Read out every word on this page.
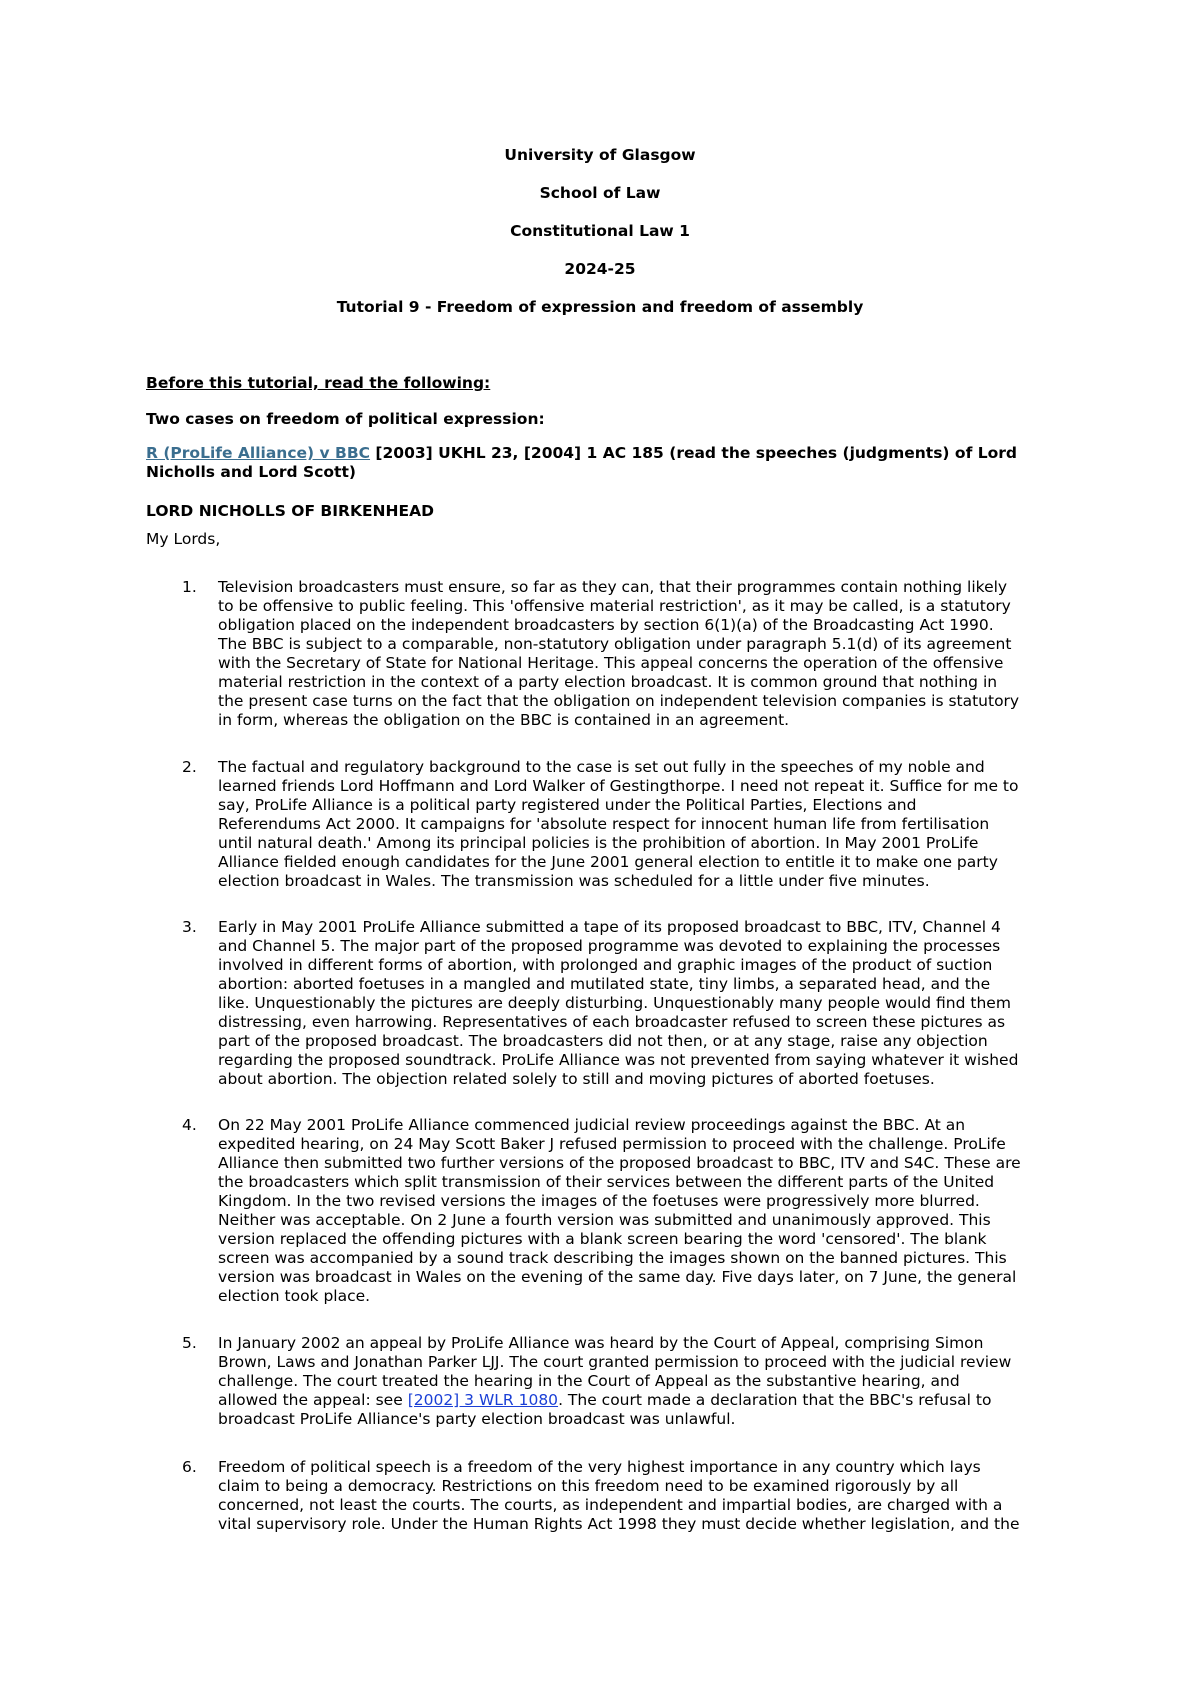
University of Glasgow
School of Law
Constitutional Law 1
2024-25
Tutorial 9 - Freedom of expression and freedom of assembly
Before this tutorial, read the following:
Two cases on freedom of political expression:
R (ProLife Alliance) v BBC [2003] UKHL 23, [2004] 1 AC 185 (read the speeches (judgments) of Lord
Nicholls and Lord Scott)
LORD NICHOLLS OF BIRKENHEAD
My Lords,
1.	Television broadcasters must ensure, so far as they can, that their programmes contain nothing likely
to be offensive to public feeling. This 'offensive material restriction', as it may be called, is a statutory
obligation placed on the independent broadcasters by section 6(1)(a) of the Broadcasting Act 1990.
The BBC is subject to a comparable, non-statutory obligation under paragraph 5.1(d) of its agreement
with the Secretary of State for National Heritage. This appeal concerns the operation of the offensive
material restriction in the context of a party election broadcast. It is common ground that nothing in
the present case turns on the fact that the obligation on independent television companies is statutory
in form, whereas the obligation on the BBC is contained in an agreement.
2.	The factual and regulatory background to the case is set out fully in the speeches of my noble and
learned friends Lord Hoffmann and Lord Walker of Gestingthorpe. I need not repeat it. Suffice for me to
say, ProLife Alliance is a political party registered under the Political Parties, Elections and
Referendums Act 2000. It campaigns for 'absolute respect for innocent human life from fertilisation
until natural death.' Among its principal policies is the prohibition of abortion. In May 2001 ProLife
Alliance fielded enough candidates for the June 2001 general election to entitle it to make one party
election broadcast in Wales. The transmission was scheduled for a little under five minutes.
3.	Early in May 2001 ProLife Alliance submitted a tape of its proposed broadcast to BBC, ITV, Channel 4
and Channel 5. The major part of the proposed programme was devoted to explaining the processes
involved in different forms of abortion, with prolonged and graphic images of the product of suction
abortion: aborted foetuses in a mangled and mutilated state, tiny limbs, a separated head, and the
like. Unquestionably the pictures are deeply disturbing. Unquestionably many people would find them
distressing, even harrowing. Representatives of each broadcaster refused to screen these pictures as
part of the proposed broadcast. The broadcasters did not then, or at any stage, raise any objection
regarding the proposed soundtrack. ProLife Alliance was not prevented from saying whatever it wished
about abortion. The objection related solely to still and moving pictures of aborted foetuses.
4.	On 22 May 2001 ProLife Alliance commenced judicial review proceedings against the BBC. At an
expedited hearing, on 24 May Scott Baker J refused permission to proceed with the challenge. ProLife
Alliance then submitted two further versions of the proposed broadcast to BBC, ITV and S4C. These are
the broadcasters which split transmission of their services between the different parts of the United
Kingdom. In the two revised versions the images of the foetuses were progressively more blurred.
Neither was acceptable. On 2 June a fourth version was submitted and unanimously approved. This
version replaced the offending pictures with a blank screen bearing the word 'censored'. The blank
screen was accompanied by a sound track describing the images shown on the banned pictures. This
version was broadcast in Wales on the evening of the same day. Five days later, on 7 June, the general
election took place.
5.	In January 2002 an appeal by ProLife Alliance was heard by the Court of Appeal, comprising Simon
Brown, Laws and Jonathan Parker LJJ. The court granted permission to proceed with the judicial review
challenge. The court treated the hearing in the Court of Appeal as the substantive hearing, and
allowed the appeal: see [2002] 3 WLR 1080. The court made a declaration that the BBC's refusal to
broadcast ProLife Alliance's party election broadcast was unlawful.
6.	Freedom of political speech is a freedom of the very highest importance in any country which lays
claim to being a democracy. Restrictions on this freedom need to be examined rigorously by all
concerned, not least the courts. The courts, as independent and impartial bodies, are charged with a
vital supervisory role. Under the Human Rights Act 1998 they must decide whether legislation, and the
